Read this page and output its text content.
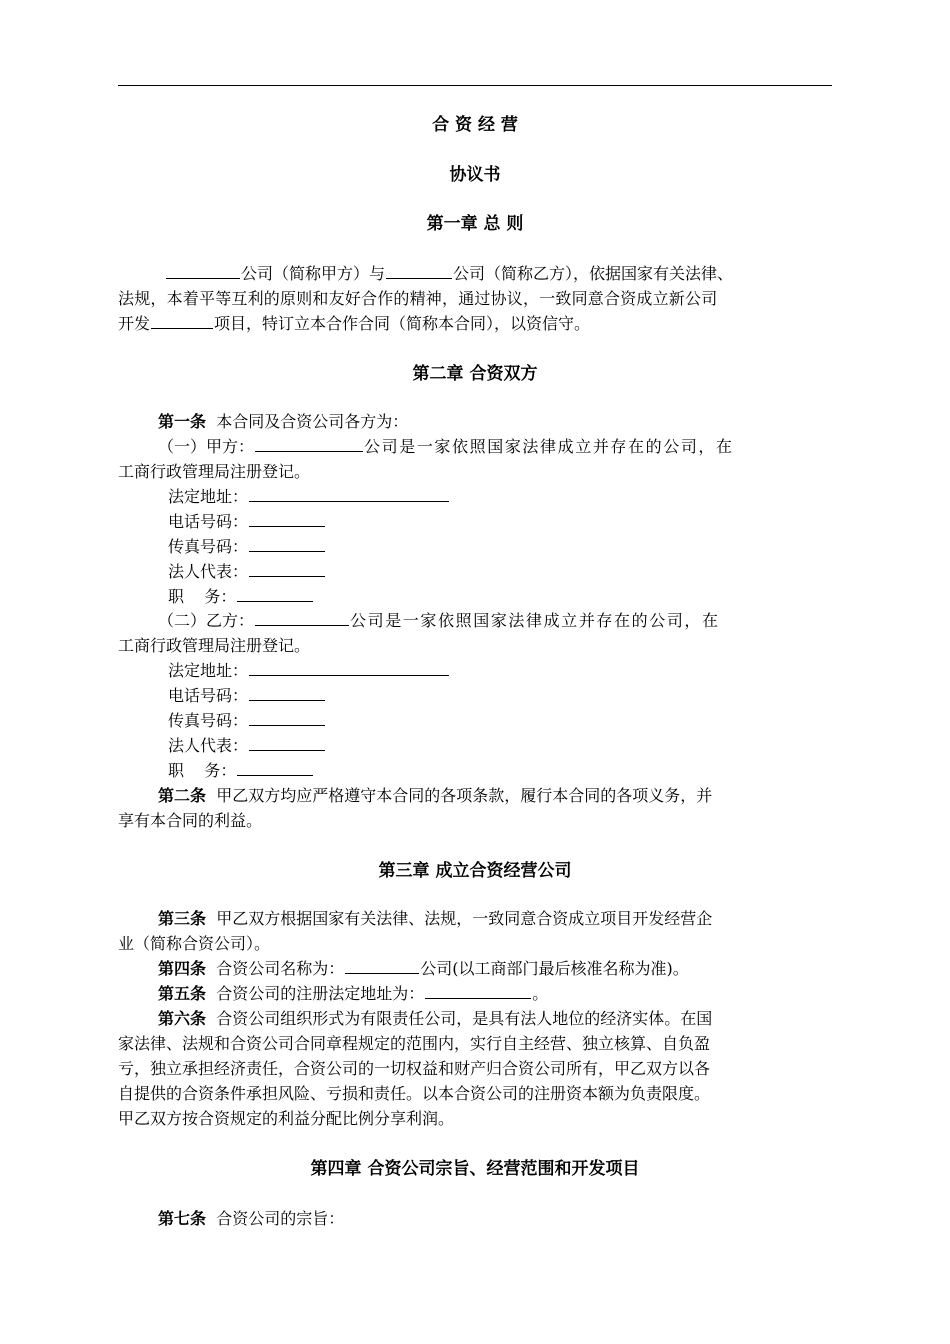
合 资 经 营
协议书
第一章 总 则
公司（简称甲方）与	公司（简称乙方），依据国家有关法律、
法规，本着平等互利的原则和友好合作的精神，通过协议，一致同意合资成立新公司
开发	项目，特订立本合作合同（简称本合同），以资信守。
第二章 合资双方
第一条 本合同及合资公司各方为：
（一）甲方：	公司是一家依照国家法律成立并存在的公司，在
工商行政管理局注册登记。
法定地址：
电话号码：
传真号码：
法人代表：
职    务：
（二）乙方：	公司是一家依照国家法律成立并存在的公司，在
工商行政管理局注册登记。
法定地址：
电话号码：
传真号码：
法人代表：
职    务：
第二条 甲乙双方均应严格遵守本合同的各项条款，履行本合同的各项义务，并
享有本合同的利益。
第三章 成立合资经营公司
第三条 甲乙双方根据国家有关法律、法规，一致同意合资成立项目开发经营企
业（简称合资公司）。
第四条 合资公司名称为：	公司(以工商部门最后核准名称为准)。
第五条 合资公司的注册法定地址为：	。
第六条 合资公司组织形式为有限责任公司，是具有法人地位的经济实体。在国
家法律、法规和合资公司合同章程规定的范围内，实行自主经营、独立核算、自负盈
亏，独立承担经济责任，合资公司的一切权益和财产归合资公司所有，甲乙双方以各
自提供的合资条件承担风险、亏损和责任。以本合资公司的注册资本额为负责限度。
甲乙双方按合资规定的利益分配比例分享利润。
第四章 合资公司宗旨、经营范围和开发项目
第七条 合资公司的宗旨：
